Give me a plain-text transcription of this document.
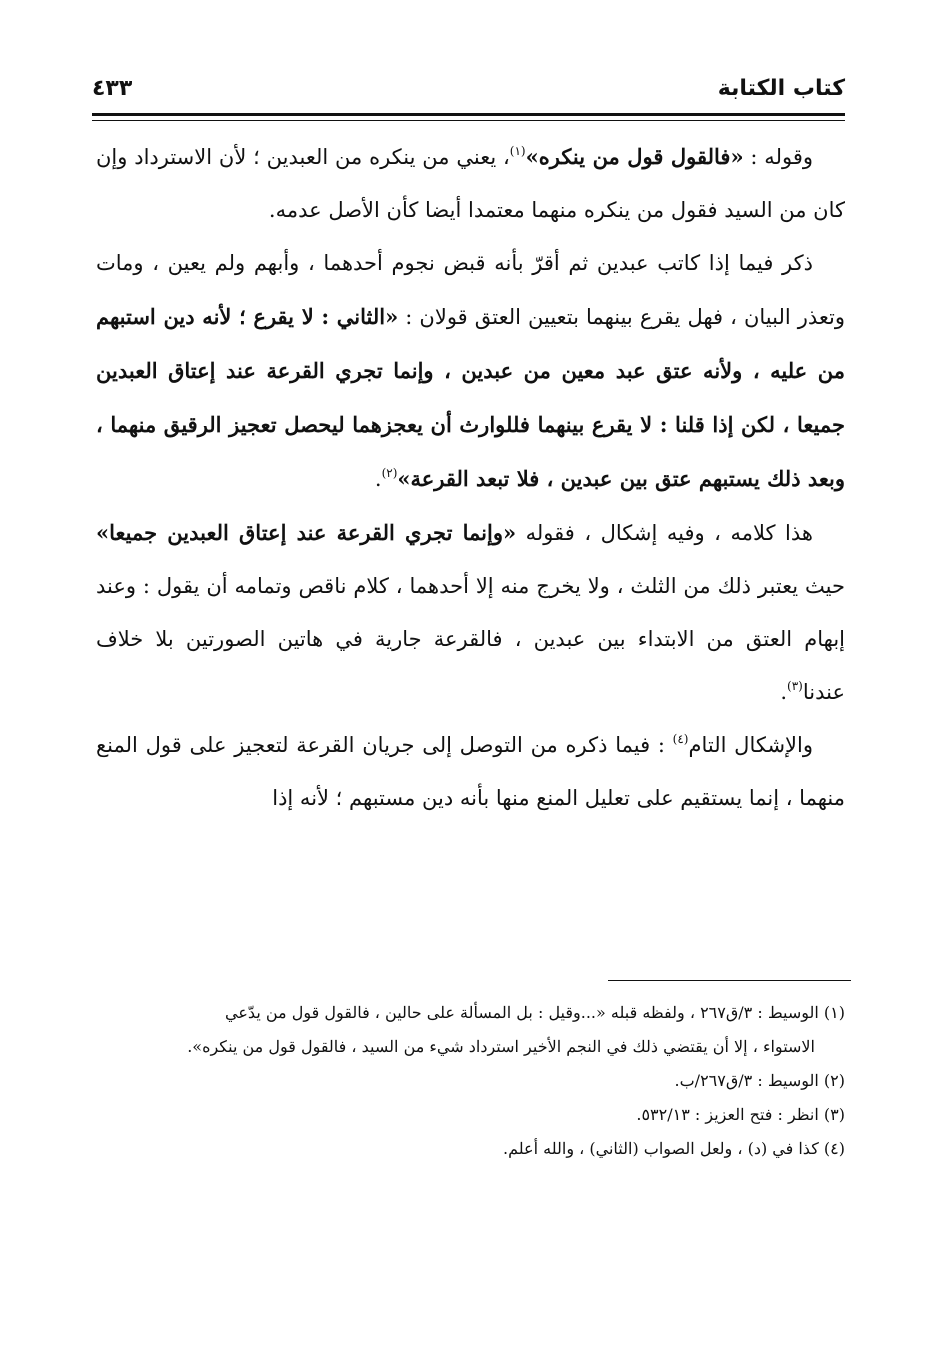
كتاب الكتابة
٤٣٣

وقوله : «فالقول قول من ينكره»$^{(١)}$، يعني من ينكره من العبدين ؛ لأن الاسترداد وإن كان من السيد فقول من ينكره منهما معتمدا أيضا كأن الأصل عدمه.

ذكر فيما إذا كاتب عبدين ثم أقرّ بأنه قبض نجوم أحدهما ، وأبهم ولم يعين ، ومات وتعذر البيان ، فهل يقرع بينهما بتعيين العتق قولان : «الثاني : لا يقرع ؛ لأنه دين استبهم من عليه ، ولأنه عتق عبد معين من عبدين ، وإنما تجري القرعة عند إعتاق العبدين جميعا ، لكن إذا قلنا : لا يقرع بينهما فللوارث أن يعجزهما ليحصل تعجيز الرقيق منهما ، وبعد ذلك يستبهم عتق بين عبدين ، فلا تبعد القرعة»$^{(٢)}$.

هذا كلامه ، وفيه إشكال ، فقوله «وإنما تجري القرعة عند إعتاق العبدين جميعا» حيث يعتبر ذلك من الثلث ، ولا يخرج منه إلا أحدهما ، كلام ناقص وتمامه أن يقول : وعند إبهام العتق من الابتداء بين عبدين ، فالقرعة جارية في هاتين الصورتين بلا خلاف عندنا$^{(٣)}$.

والإشكال التام$^{(٤)}$ : فيما ذكره من التوصل إلى جريان القرعة لتعجيز على قول المنع منهما ، إنما يستقيم على تعليل المنع منها بأنه دين مستبهم ؛ لأنه إذا

(١) الوسيط : ٣/ق٢٦٧ ، ولفظه قبله «...وقيل : بل المسألة على حالين ، فالقول قول من يدّعي

الاستواء ، إلا أن يقتضي ذلك في النجم الأخير استرداد شيء من السيد ، فالقول قول من ينكره».

(٢) الوسيط : ٣/ق٢٦٧/ب.

(٣) انظر : فتح العزيز : ٥٣٢/١٣.

(٤) كذا في (د) ، ولعل الصواب (الثاني) ، والله أعلم.
